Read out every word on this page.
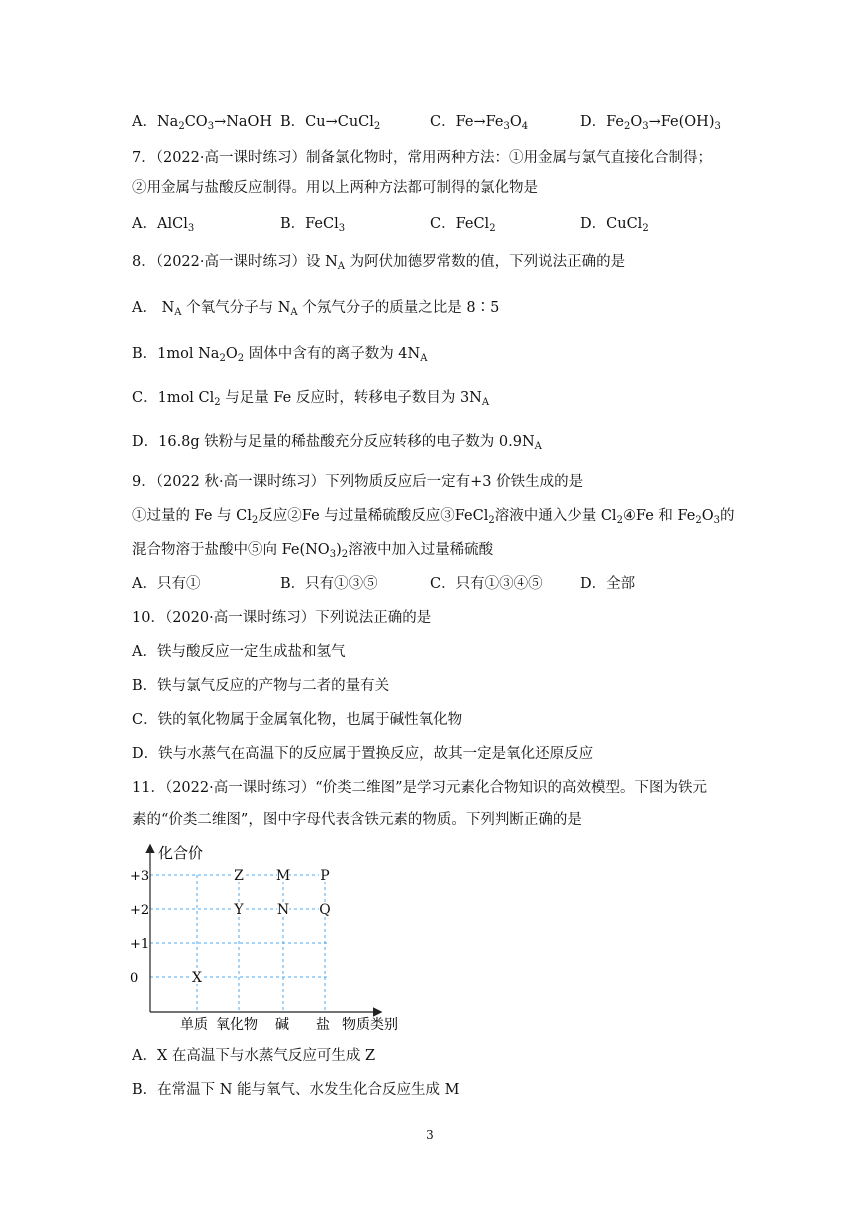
A．$Na_2CO_3\to NaOH$ B．Cu→CuCl$_2$	C．$Fe\to Fe_3O_4$	D．$Fe_2O_3\to Fe(OH)_3$
7．（2022·高一课时练习）制备氯化物时，常用两种方法：①用金属与氯气直接化合制得；
②用金属与盐酸反应制得。用以上两种方法都可制得的氯化物是
A．AlCl$_3$	B．FeCl$_3$	C．FeCl$_2$	D．CuCl$_2$
8．（2022·高一课时练习）设 $N_A$ 为阿伏加德罗常数的值，下列说法正确的是
A． $N_A$ 个氧气分子与 $N_A$ 个氖气分子的质量之比是 8∶5
B．1mol $Na_2O_2$ 固体中含有的离子数为 $4N_A$
C．1mol $Cl_2$ 与足量 Fe 反应时，转移电子数目为 $3N_A$
D．16.8g 铁粉与足量的稀盐酸充分反应转移的电子数为 $0.9N_A$
9．（2022 秋·高一课时练习）下列物质反应后一定有+3 价铁生成的是
①过量的 Fe 与 $Cl_2$反应②Fe 与过量稀硫酸反应③FeCl$_2$溶液中通入少量 $Cl_2④Fe$ 和 $Fe_2O_3$的
混合物溶于盐酸中⑤向 $Fe(NO_3)_2$溶液中加入过量稀硫酸
A．只有①	B．只有①③⑤	C．只有①③④⑤	D．全部
10．（2020·高一课时练习）下列说法正确的是
A．铁与酸反应一定生成盐和氢气
B．铁与氯气反应的产物与二者的量有关
C．铁的氧化物属于金属氧化物，也属于碱性氧化物
D．铁与水蒸气在高温下的反应属于置换反应，故其一定是氧化还原反应
11．（2022·高一课时练习）“价类二维图”是学习元素化合物知识的高效模型。下图为铁元
素的“价类二维图”，图中字母代表含铁元素的物质。下列判断正确的是
化合价
物质类别
+3
+2
+1
0
单质 氧化物 碱 盐
X
Z
Y
M
N
P
Q
A．X 在高温下与水蒸气反应可生成 Z
B．在常温下 N 能与氧气、水发生化合反应生成 M
3
